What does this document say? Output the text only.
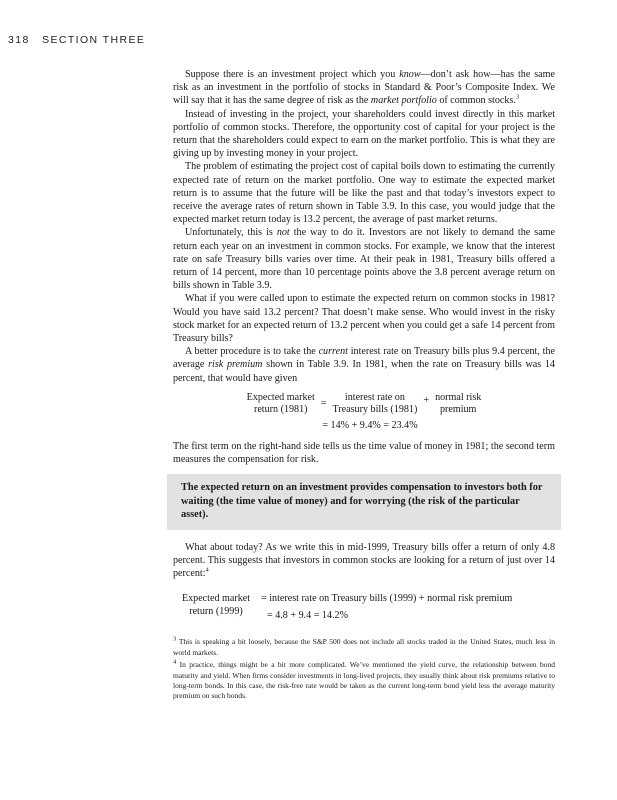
318 SECTION THREE

Suppose there is an investment project which you know—don’t ask how—has the same risk as an investment in the portfolio of stocks in Standard & Poor’s Composite Index. We will say that it has the same degree of risk as the market portfolio of common stocks.$^3$

Instead of investing in the project, your shareholders could invest directly in this market portfolio of common stocks. Therefore, the opportunity cost of capital for your project is the return that the shareholders could expect to earn on the market portfolio. This is what they are giving up by investing money in your project.

The problem of estimating the project cost of capital boils down to estimating the currently expected rate of return on the market portfolio. One way to estimate the expected market return is to assume that the future will be like the past and that today’s investors expect to receive the average rates of return shown in Table 3.9. In this case, you would judge that the expected market return today is 13.2 percent, the average of past market returns.

Unfortunately, this is not the way to do it. Investors are not likely to demand the same return each year on an investment in common stocks. For example, we know that the interest rate on safe Treasury bills varies over time. At their peak in 1981, Treasury bills offered a return of 14 percent, more than 10 percentage points above the 3.8 percent average return on bills shown in Table 3.9.

What if you were called upon to estimate the expected return on common stocks in 1981? Would you have said 13.2 percent? That doesn’t make sense. Who would invest in the risky stock market for an expected return of 13.2 percent when you could get a safe 14 percent from Treasury bills?

A better procedure is to take the current interest rate on Treasury bills plus 9.4 percent, the average risk premium shown in Table 3.9. In 1981, when the rate on Treasury bills was 14 percent, that would have given

Expected market
return (1981)
=
interest rate on
Treasury bills (1981)
+ normal risk
premium
= 14% + 9.4% = 23.4%

The first term on the right-hand side tells us the time value of money in 1981; the second term measures the compensation for risk.

The expected return on an investment provides compensation to investors both for waiting (the time value of money) and for worrying (the risk of the particular asset).

What about today? As we write this in mid-1999, Treasury bills offer a return of only 4.8 percent. This suggests that investors in common stocks are looking for a return of just over 14 percent:$^4$

Expected market
return (1999)
= interest rate on Treasury bills (1999) + normal risk premium
= 4.8 + 9.4 = 14.2%

$^3$ This is speaking a bit loosely, because the S&P 500 does not include all stocks traded in the United States, much less in world markets.

$^4$ In practice, things might be a bit more complicated. We’ve mentioned the yield curve, the relationship between bond maturity and yield. When firms consider investments in long-lived projects, they usually think about risk premiums relative to long-term bonds. In this case, the risk-free rate would be taken as the current long-term bond yield less the average maturity premium on such bonds.
